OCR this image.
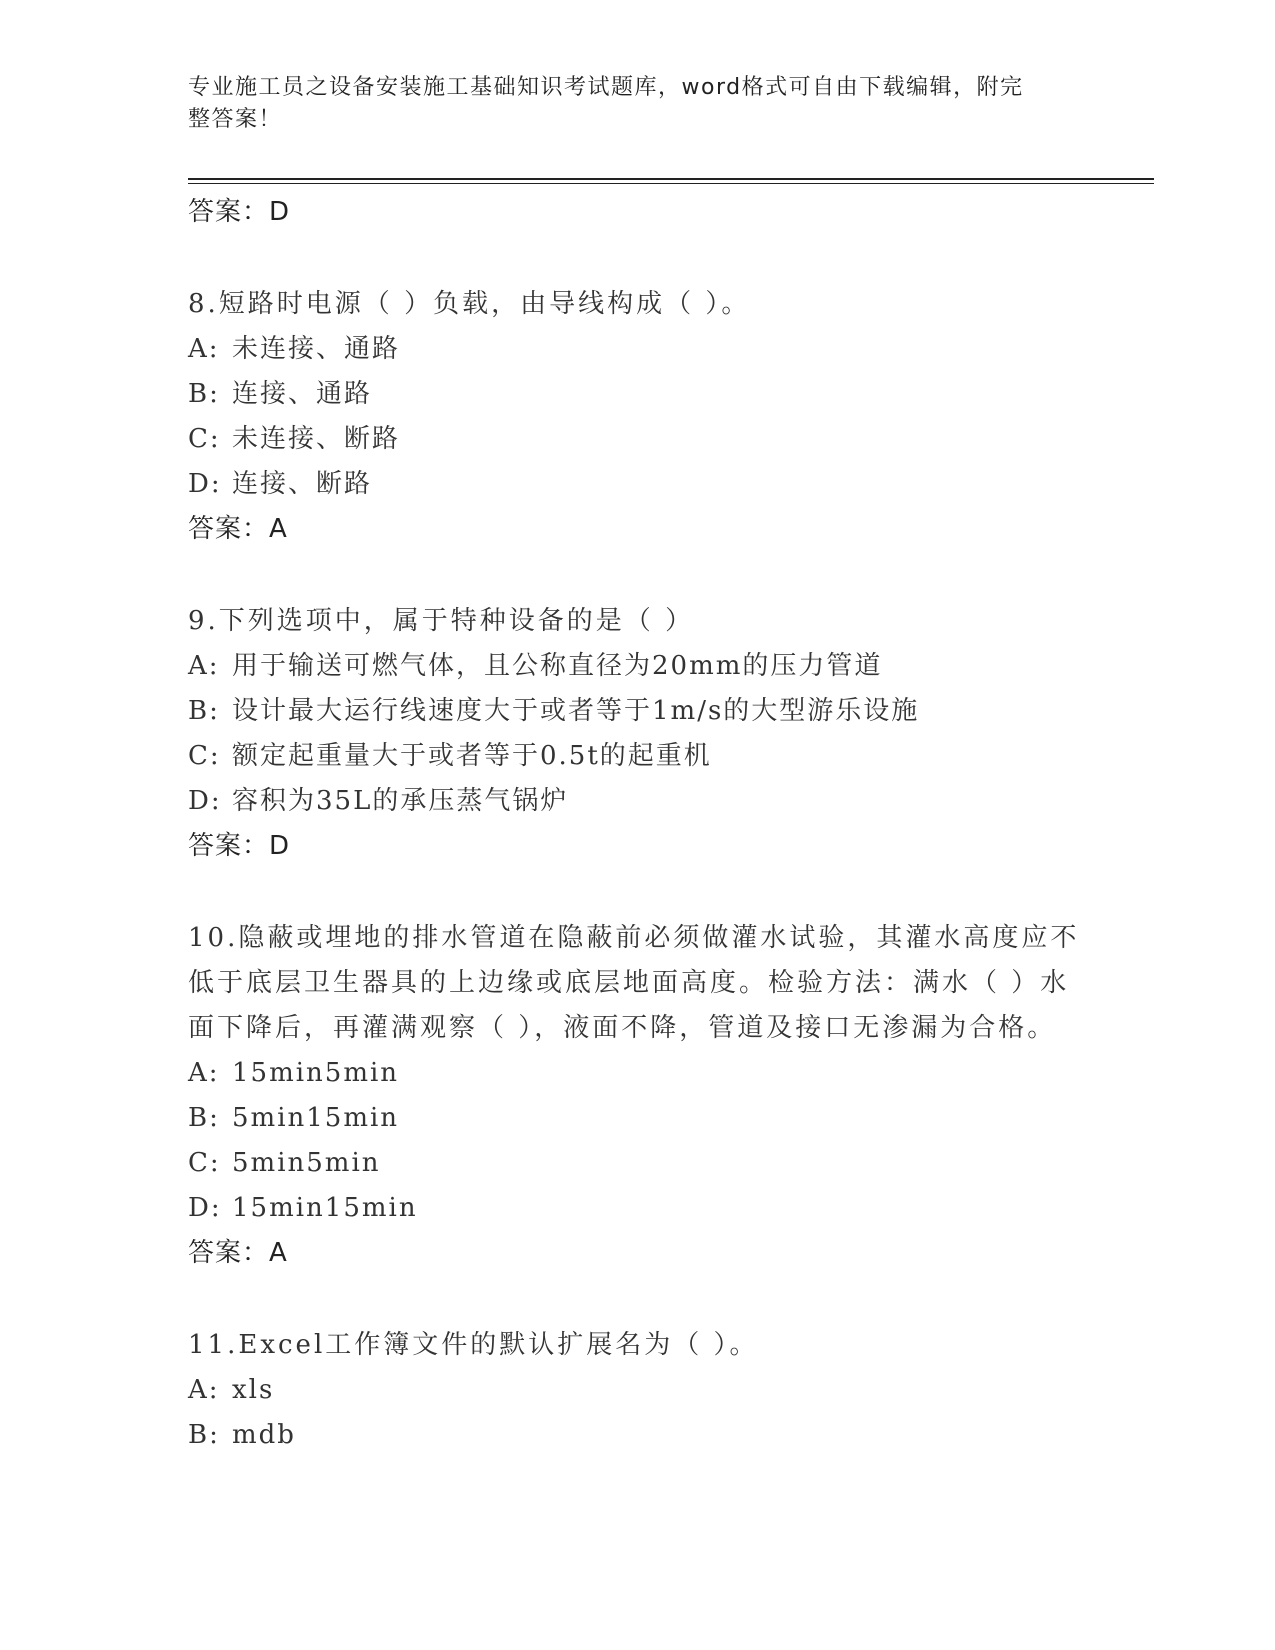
专业施工员之设备安装施工基础知识考试题库，word格式可自由下载编辑，附完
整答案！
答案：D
8.短路时电源（ ）负载，由导线构成（ ）。
A: 未连接、通路
B: 连接、通路
C: 未连接、断路
D: 连接、断路
答案：A
9.下列选项中，属于特种设备的是（ ）
A: 用于输送可燃气体，且公称直径为20mm的压力管道
B: 设计最大运行线速度大于或者等于1m/s的大型游乐设施
C: 额定起重量大于或者等于0.5t的起重机
D: 容积为35L的承压蒸气锅炉
答案：D
10.隐蔽或埋地的排水管道在隐蔽前必须做灌水试验，其灌水高度应不
低于底层卫生器具的上边缘或底层地面高度。检验方法：满水（ ）水
面下降后，再灌满观察（ ），液面不降，管道及接口无渗漏为合格。
A: 15min5min
B: 5min15min
C: 5min5min
D: 15min15min
答案：A
11.Excel工作簿文件的默认扩展名为（ ）。
A: xls
B: mdb
